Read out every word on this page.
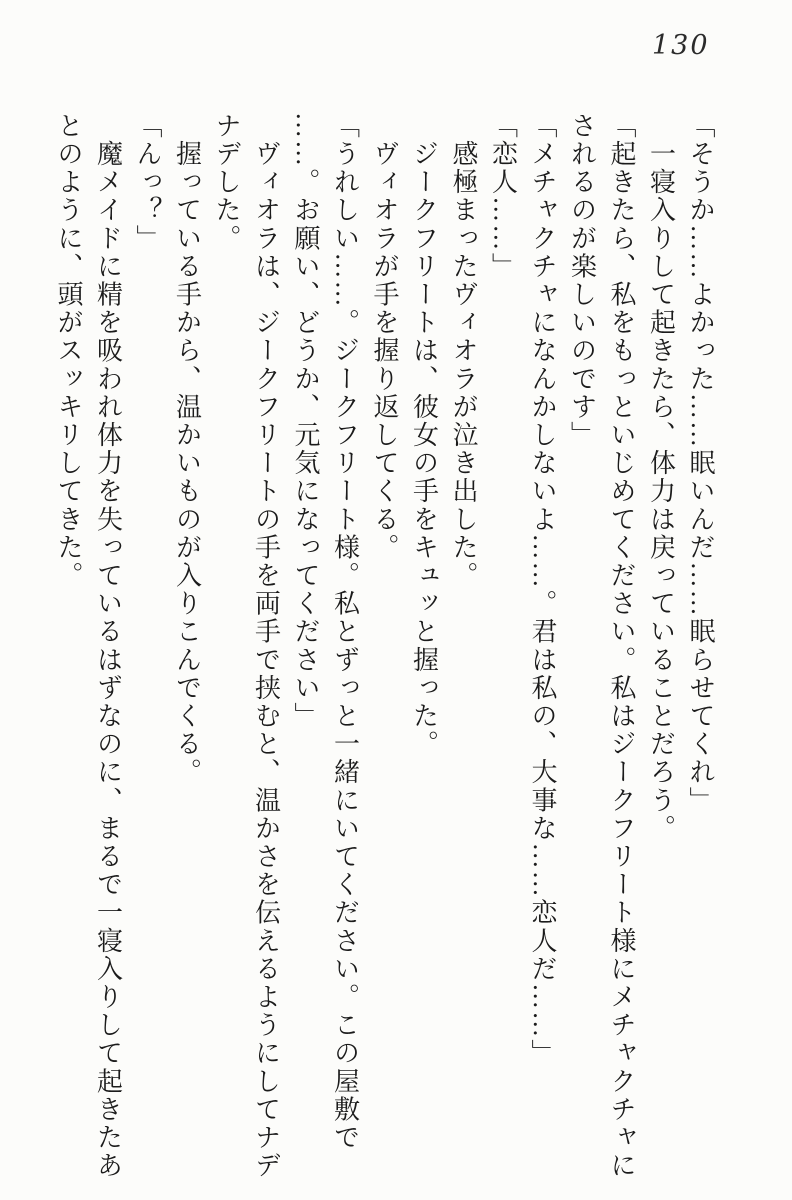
130

「そうか……よかった……眠いんだ……眠らせてくれ」

　一寝入りして起きたら、体力は戻っていることだろう。

「起きたら、私をもっといじめてください。私はジークフリート様にメチャクチャに

されるのが楽しいのです」

「メチャクチャになんかしないよ……。君は私の、大事な……恋人だ……」

「恋人……」

　感極まったヴィオラが泣き出した。

　ジークフリートは、彼女の手をキュッと握った。

　ヴィオラが手を握り返してくる。

「うれしい……。ジークフリート様。私とずっと一緒にいてください。この屋敷で

……。お願い、どうか、元気になってください」

　ヴィオラは、ジークフリートの手を両手で挟むと、温かさを伝えるようにしてナデ

ナデした。

　握っている手から、温かいものが入りこんでくる。

「んっ？」

　魔メイドに精を吸われ体力を失っているはずなのに、まるで一寝入りして起きたあ

とのように、頭がスッキリしてきた。
